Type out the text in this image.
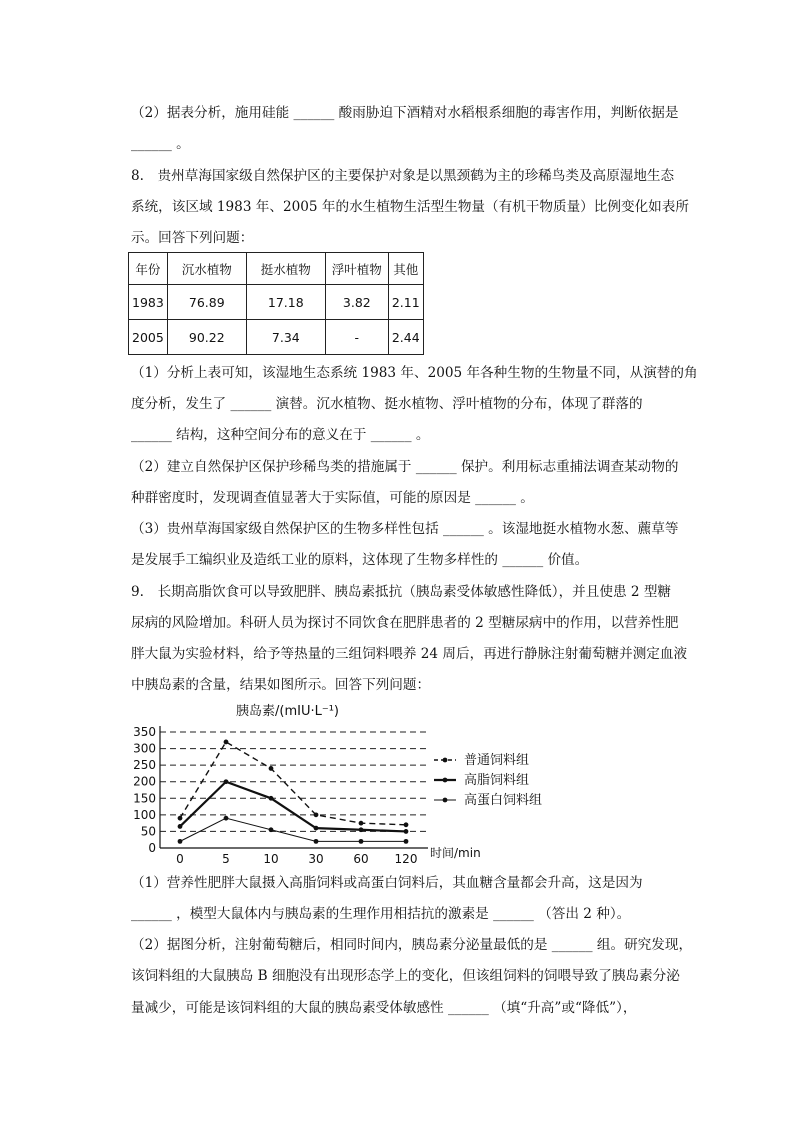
（2）据表分析，施用硅能 ______ 酸雨胁迫下酒精对水稻根系细胞的毒害作用，判断依据是
______ 。
8.　贵州草海国家级自然保护区的主要保护对象是以黑颈鹤为主的珍稀鸟类及高原湿地生态
系统，该区域 1983 年、2005 年的水生植物生活型生物量（有机干物质量）比例变化如表所
示。回答下列问题：
年份	沉水植物	挺水植物	浮叶植物	其他
1983	76.89	17.18	3.82	2.11
2005	90.22	7.34	-	2.44
（1）分析上表可知，该湿地生态系统 1983 年、2005 年各种生物的生物量不同，从演替的角
度分析，发生了 ______ 演替。沉水植物、挺水植物、浮叶植物的分布，体现了群落的
______ 结构，这种空间分布的意义在于 ______ 。
（2）建立自然保护区保护珍稀鸟类的措施属于 ______ 保护。利用标志重捕法调查某动物的
种群密度时，发现调查值显著大于实际值，可能的原因是 ______ 。
（3）贵州草海国家级自然保护区的生物多样性包括 ______ 。该湿地挺水植物水葱、藨草等
是发展手工编织业及造纸工业的原料，这体现了生物多样性的 ______ 价值。
9.　长期高脂饮食可以导致肥胖、胰岛素抵抗（胰岛素受体敏感性降低），并且使患 2 型糖
尿病的风险增加。科研人员为探讨不同饮食在肥胖患者的 2 型糖尿病中的作用，以营养性肥
胖大鼠为实验材料，给予等热量的三组饲料喂养 24 周后，再进行静脉注射葡萄糖并测定血液
中胰岛素的含量，结果如图所示。回答下列问题：
胰岛素/(mIU·L⁻¹)
0
50
100
150
200
250
300
350
0	5	10 30 60 120 时间/min
普通饲料组
高脂饲料组
高蛋白饲料组
（1）营养性肥胖大鼠摄入高脂饲料或高蛋白饲料后，其血糖含量都会升高，这是因为
______ ，模型大鼠体内与胰岛素的生理作用相拮抗的激素是 ______ （答出 2 种）。
（2）据图分析，注射葡萄糖后，相同时间内，胰岛素分泌量最低的是 ______ 组。研究发现，
该饲料组的大鼠胰岛 B 细胞没有出现形态学上的变化，但该组饲料的饲喂导致了胰岛素分泌
量减少，可能是该饲料组的大鼠的胰岛素受体敏感性 ______ （填“升高”或“降低”），
